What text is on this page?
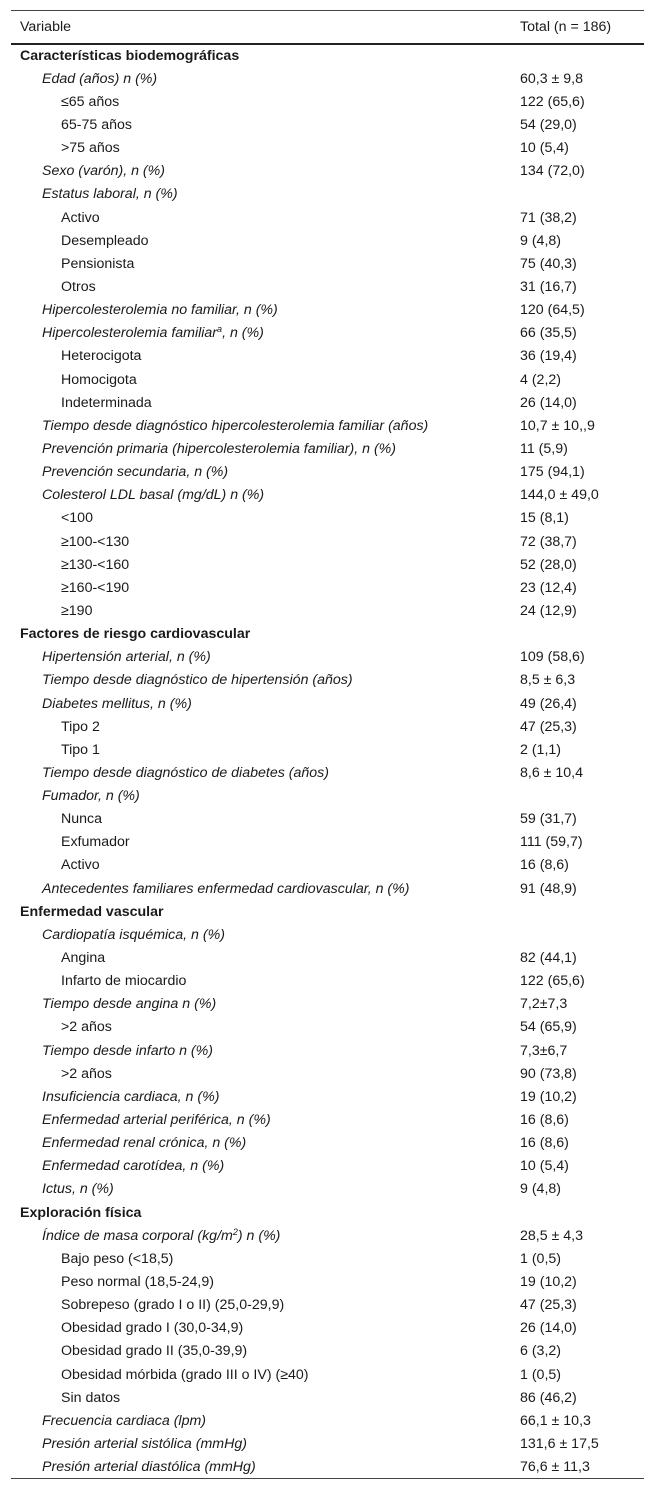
Variable	Total (n = 186)
Características biodemográficas	
Edad (años) n (%)	60,3 ± 9,8
≤65 años	122 (65,6)
65-75 años	54 (29,0)
>75 años	10 (5,4)
Sexo (varón), n (%)	134 (72,0)
Estatus laboral, n (%)	
Activo	71 (38,2)
Desempleado	9 (4,8)
Pensionista	75 (40,3)
Otros	31 (16,7)
Hipercolesterolemia no familiar, n (%)	120 (64,5)
Hipercolesterolemia familiar$^a$, n (%)	66 (35,5)
Heterocigota	36 (19,4)
Homocigota	4 (2,2)
Indeterminada	26 (14,0)
Tiempo desde diagnóstico hipercolesterolemia familiar (años)	10,7 ± 10,,9
Prevención primaria (hipercolesterolemia familiar), n (%)	11 (5,9)
Prevención secundaria, n (%)	175 (94,1)
Colesterol LDL basal (mg/dL) n (%)	144,0 ± 49,0
<100	15 (8,1)
≥100-<130	72 (38,7)
≥130-<160	52 (28,0)
≥160-<190	23 (12,4)
≥190	24 (12,9)
Factores de riesgo cardiovascular	
Hipertensión arterial, n (%)	109 (58,6)
Tiempo desde diagnóstico de hipertensión (años)	8,5 ± 6,3
Diabetes mellitus, n (%)	49 (26,4)
Tipo 2	47 (25,3)
Tipo 1	2 (1,1)
Tiempo desde diagnóstico de diabetes (años)	8,6 ± 10,4
Fumador, n (%)	
Nunca	59 (31,7)
Exfumador	111 (59,7)
Activo	16 (8,6)
Antecedentes familiares enfermedad cardiovascular, n (%)	91 (48,9)
Enfermedad vascular	
Cardiopatía isquémica, n (%)	
Angina	82 (44,1)
Infarto de miocardio	122 (65,6)
Tiempo desde angina n (%)	7,2±7,3
>2 años	54 (65,9)
Tiempo desde infarto n (%)	7,3±6,7
>2 años	90 (73,8)
Insuficiencia cardiaca, n (%)	19 (10,2)
Enfermedad arterial periférica, n (%)	16 (8,6)
Enfermedad renal crónica, n (%)	16 (8,6)
Enfermedad carotídea, n (%)	10 (5,4)
Ictus, n (%)	9 (4,8)
Exploración física	
Índice de masa corporal $(kg/m^2)$ n (%)	28,5 ± 4,3
Bajo peso (<18,5)	1 (0,5)
Peso normal (18,5-24,9)	19 (10,2)
Sobrepeso (grado I o II) (25,0-29,9)	47 (25,3)
Obesidad grado I (30,0-34,9)	26 (14,0)
Obesidad grado II (35,0-39,9)	6 (3,2)
Obesidad mórbida (grado III o IV) (≥40)	1 (0,5)
Sin datos	86 (46,2)
Frecuencia cardiaca (lpm)	66,1 ± 10,3
Presión arterial sistólica (mmHg)	131,6 ± 17,5
Presión arterial diastólica (mmHg)	76,6 ± 11,3
